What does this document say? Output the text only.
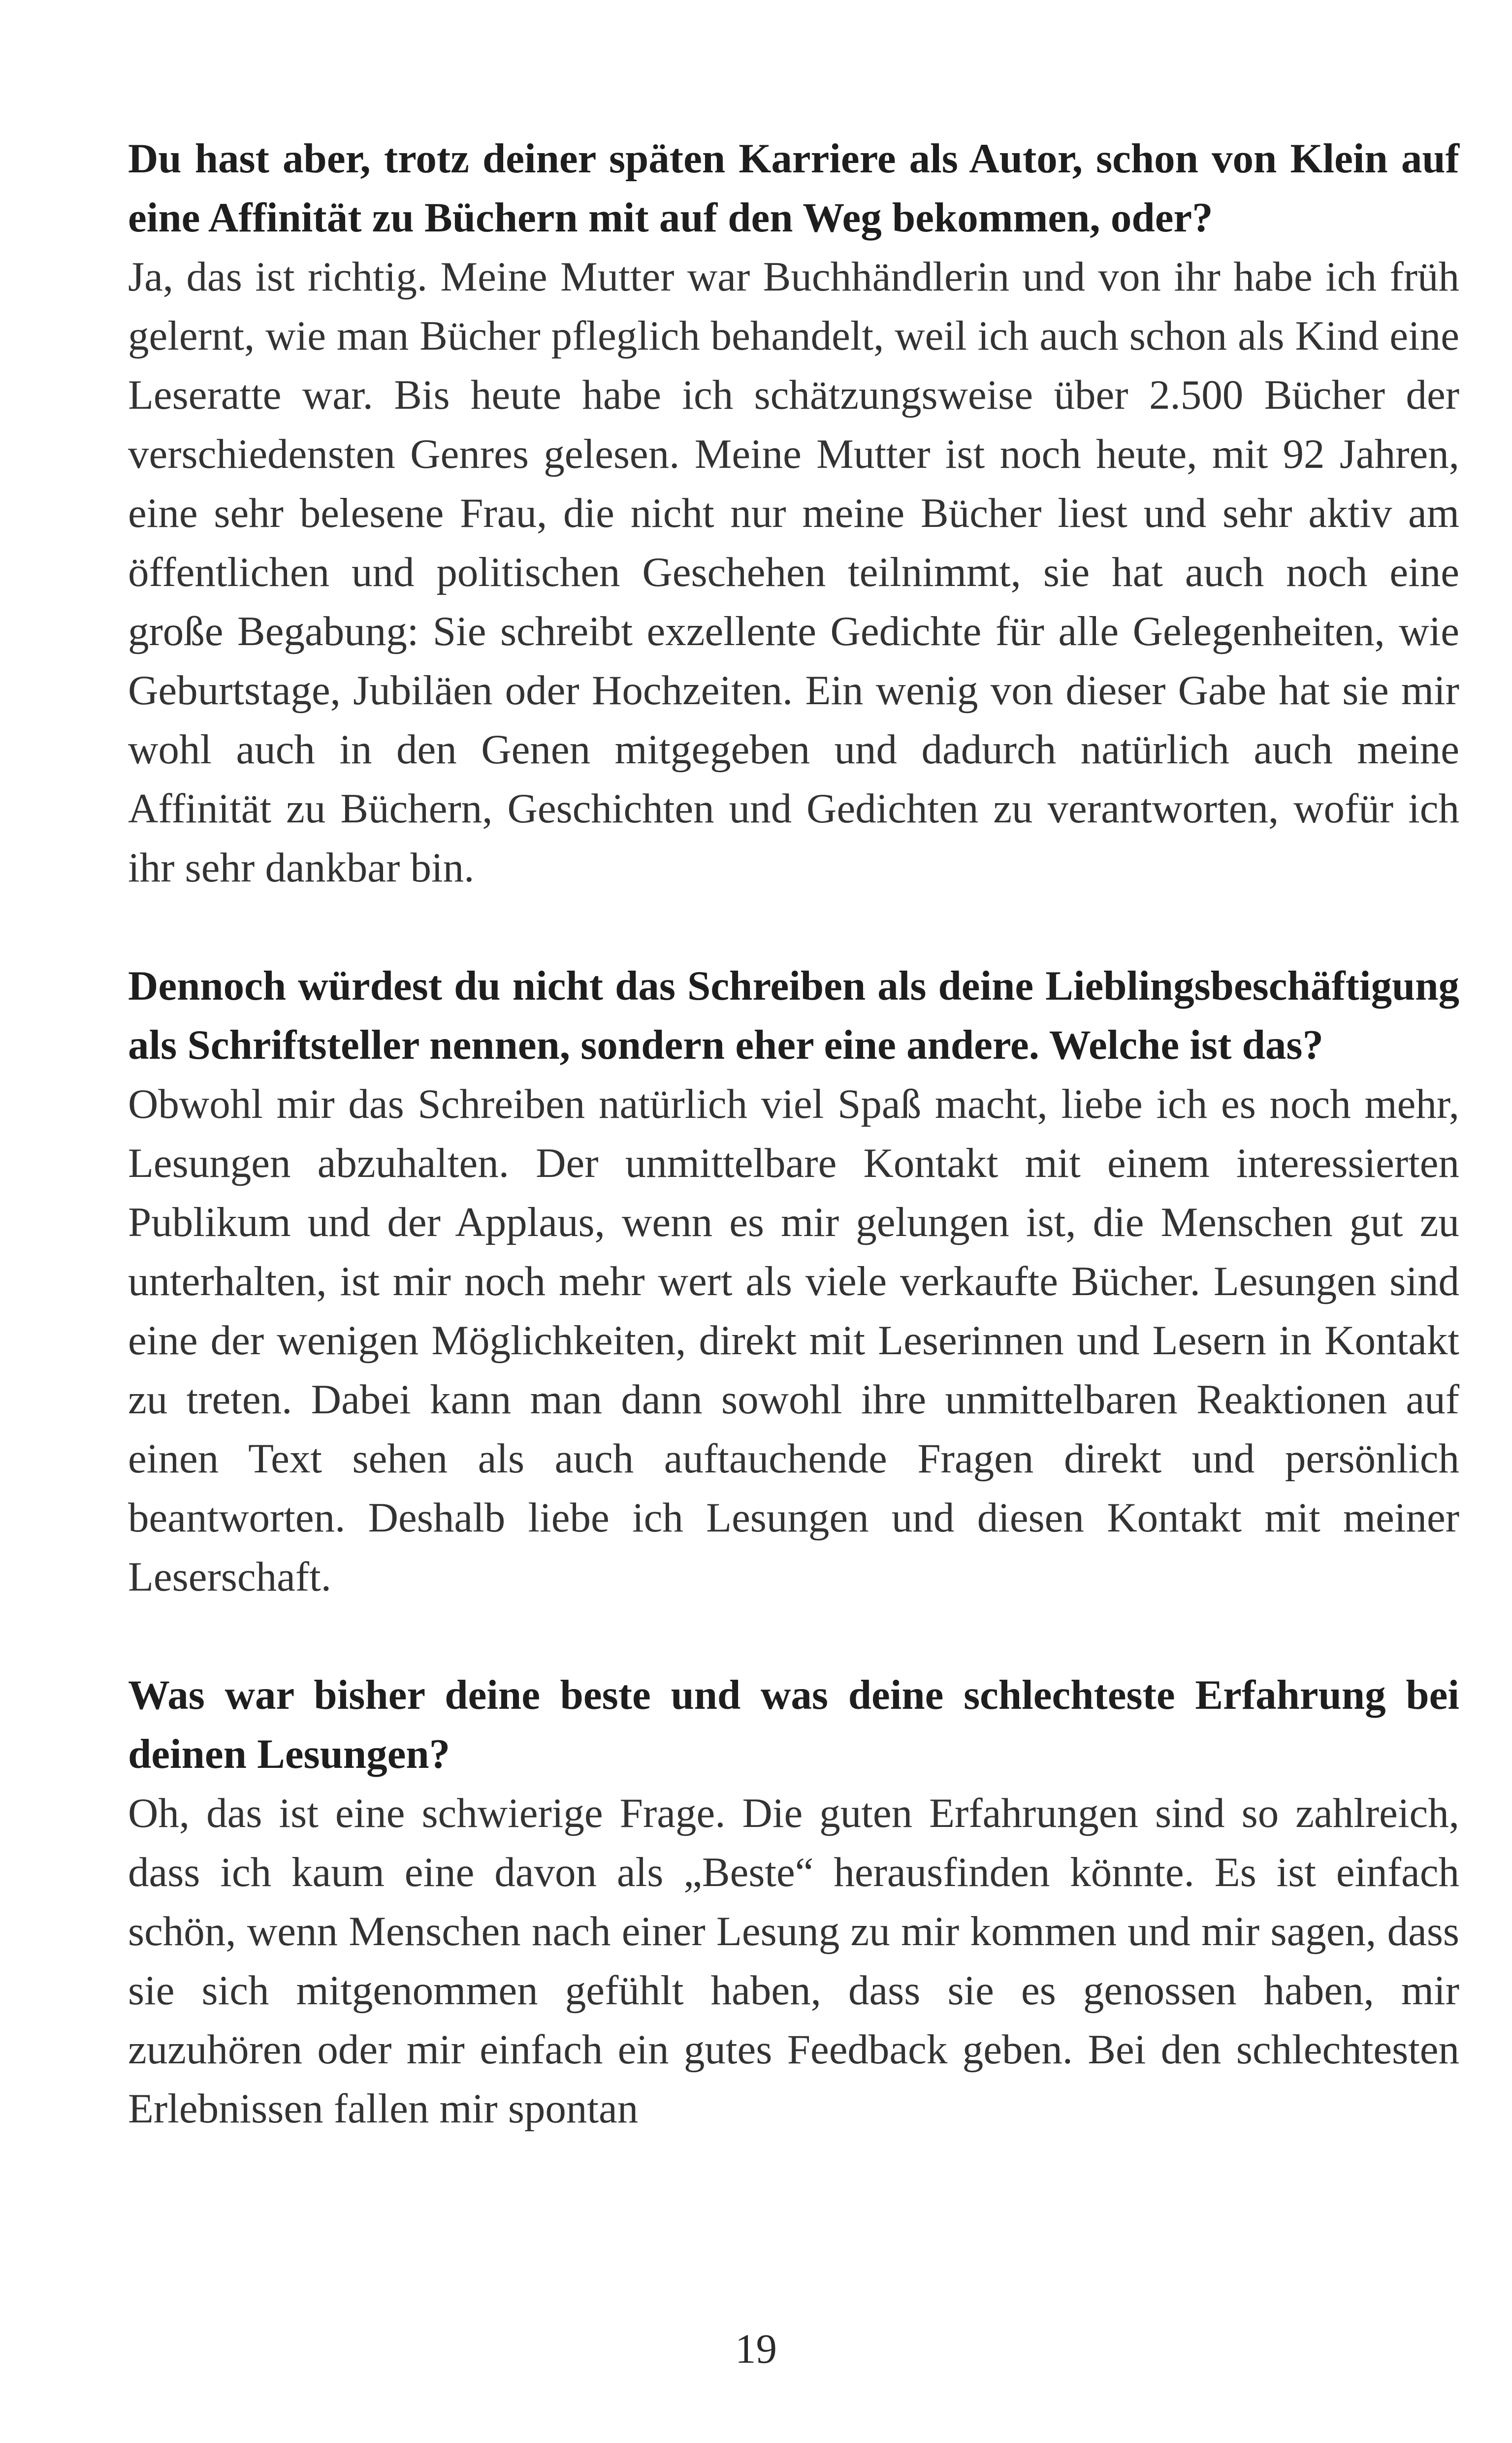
Du hast aber, trotz deiner späten Karriere als Autor, schon von Klein auf eine Affinität zu Büchern mit auf den Weg bekommen, oder?

Ja, das ist richtig. Meine Mutter war Buchhändlerin und von ihr habe ich früh gelernt, wie man Bücher pfleglich behandelt, weil ich auch schon als Kind eine Leseratte war. Bis heute habe ich schätzungsweise über 2.500 Bücher der verschiedensten Genres gelesen. Meine Mutter ist noch heute, mit 92 Jahren, eine sehr belesene Frau, die nicht nur meine Bücher liest und sehr aktiv am öffentlichen und politischen Geschehen teilnimmt, sie hat auch noch eine große Begabung: Sie schreibt exzellente Gedichte für alle Gelegenheiten, wie Geburtstage, Jubiläen oder Hochzeiten. Ein wenig von dieser Gabe hat sie mir wohl auch in den Genen mitgegeben und dadurch natürlich auch meine Affinität zu Büchern, Geschichten und Gedichten zu verantworten, wofür ich ihr sehr dankbar bin.

Dennoch würdest du nicht das Schreiben als deine Lieblingsbeschäftigung als Schriftsteller nennen, sondern eher eine andere. Welche ist das?

Obwohl mir das Schreiben natürlich viel Spaß macht, liebe ich es noch mehr, Lesungen abzuhalten. Der unmittelbare Kontakt mit einem interessierten Publikum und der Applaus, wenn es mir gelungen ist, die Menschen gut zu unterhalten, ist mir noch mehr wert als viele verkaufte Bücher. Lesungen sind eine der wenigen Möglichkeiten, direkt mit Leserinnen und Lesern in Kontakt zu treten. Dabei kann man dann sowohl ihre unmittelbaren Reaktionen auf einen Text sehen als auch auftauchende Fragen direkt und persönlich beantworten. Deshalb liebe ich Lesungen und diesen Kontakt mit meiner Leserschaft.

Was war bisher deine beste und was deine schlechteste Erfahrung bei deinen Lesungen?

Oh, das ist eine schwierige Frage. Die guten Erfahrungen sind so zahlreich, dass ich kaum eine davon als „Beste“ herausfinden könnte. Es ist einfach schön, wenn Menschen nach einer Lesung zu mir kommen und mir sagen, dass sie sich mitgenommen gefühlt haben, dass sie es genossen haben, mir zuzuhören oder mir einfach ein gutes Feedback geben. Bei den schlechtesten Erlebnissen fallen mir spontan

19
